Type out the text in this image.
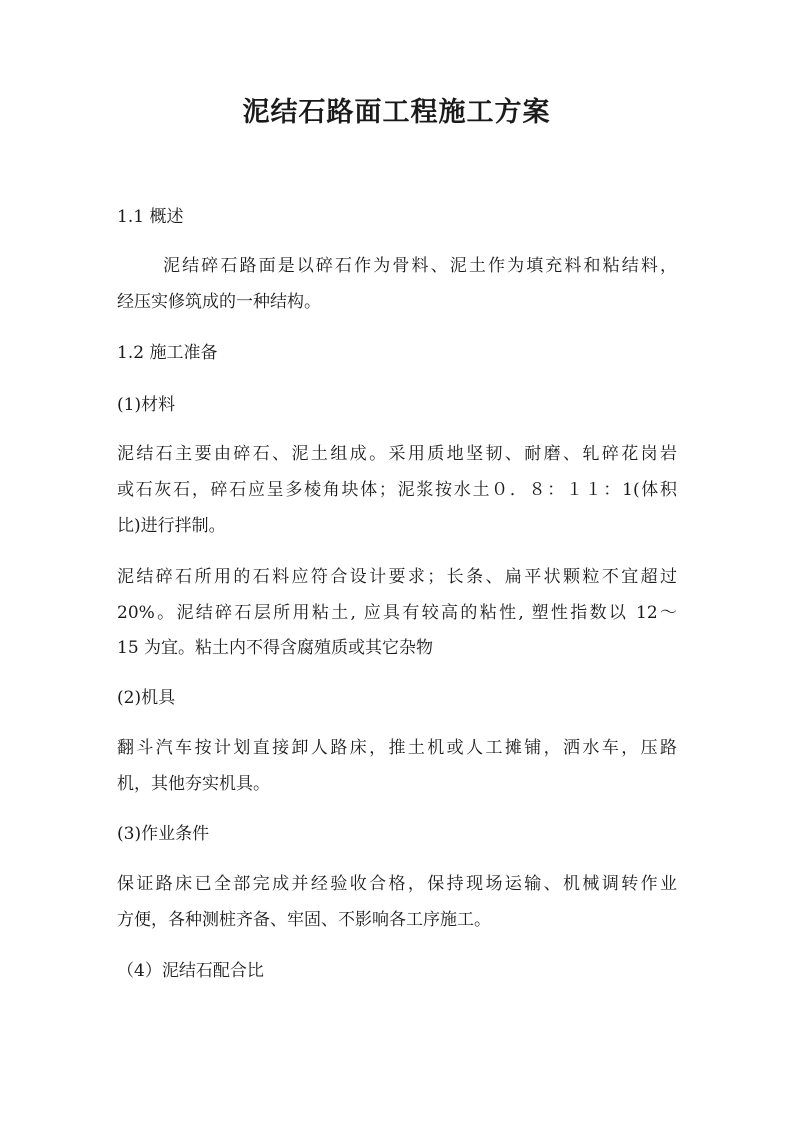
泥结石路面工程施工方案
1.1 概述
泥结碎石路面是以碎石作为骨料、泥土作为填充料和粘结料，
经压实修筑成的一种结构。
1.2 施工准备
(1)材料
泥结石主要由碎石、泥土组成。采用质地坚韧、耐磨、轧碎花岗岩
或石灰石，碎石应呈多棱角块体；泥浆按水土０．８：１１：1(体积
比)进行拌制。
泥结碎石所用的石料应符合设计要求；长条、扁平状颗粒不宜超过
20%。泥结碎石层所用粘土, 应具有较高的粘性, 塑性指数以 12～
15 为宜。粘土内不得含腐殖质或其它杂物
(2)机具
翻斗汽车按计划直接卸人路床，推土机或人工摊铺，洒水车，压路
机，其他夯实机具。
(3)作业条件
保证路床已全部完成并经验收合格，保持现场运输、机械调转作业
方便，各种测桩齐备、牢固、不影响各工序施工。
（4）泥结石配合比
